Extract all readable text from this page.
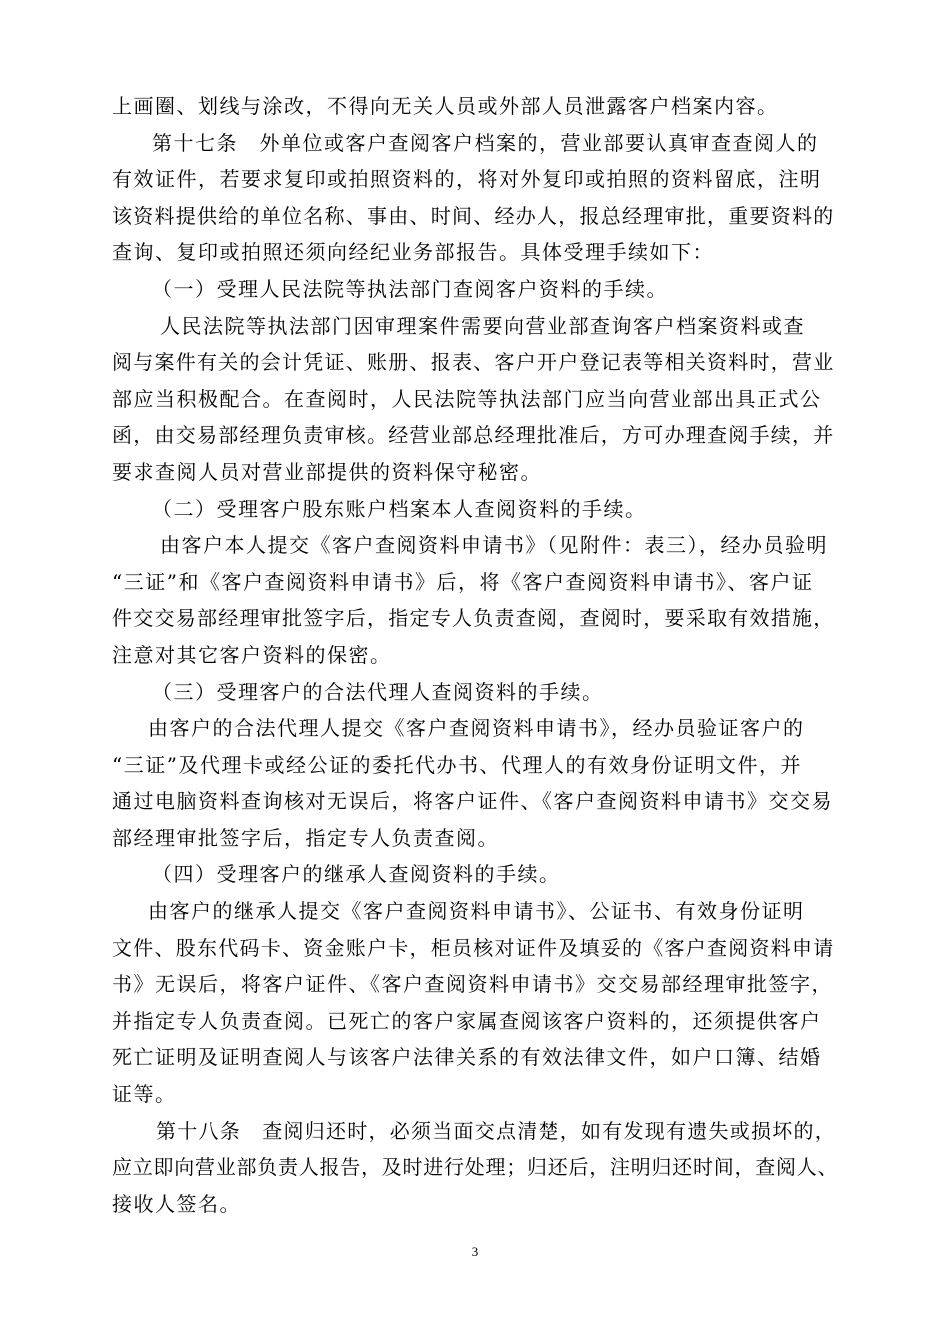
上画圈、划线与涂改，不得向无关人员或外部人员泄露客户档案内容。
第十七条　外单位或客户查阅客户档案的，营业部要认真审查查阅人的
有效证件，若要求复印或拍照资料的，将对外复印或拍照的资料留底，注明
该资料提供给的单位名称、事由、时间、经办人，报总经理审批，重要资料的
查询、复印或拍照还须向经纪业务部报告。具体受理手续如下：
（一）受理人民法院等执法部门查阅客户资料的手续。
人民法院等执法部门因审理案件需要向营业部查询客户档案资料或查
阅与案件有关的会计凭证、账册、报表、客户开户登记表等相关资料时，营业
部应当积极配合。在查阅时，人民法院等执法部门应当向营业部出具正式公
函，由交易部经理负责审核。经营业部总经理批准后，方可办理查阅手续，并
要求查阅人员对营业部提供的资料保守秘密。
（二）受理客户股东账户档案本人查阅资料的手续。
由客户本人提交《客户查阅资料申请书》（见附件：表三），经办员验明
“三证”和《客户查阅资料申请书》后，将《客户查阅资料申请书》、客户证
件交交易部经理审批签字后，指定专人负责查阅，查阅时，要采取有效措施，
注意对其它客户资料的保密。
（三）受理客户的合法代理人查阅资料的手续。
由客户的合法代理人提交《客户查阅资料申请书》，经办员验证客户的
“三证”及代理卡或经公证的委托代办书、代理人的有效身份证明文件，并
通过电脑资料查询核对无误后，将客户证件、《客户查阅资料申请书》交交易
部经理审批签字后，指定专人负责查阅。
（四）受理客户的继承人查阅资料的手续。
由客户的继承人提交《客户查阅资料申请书》、公证书、有效身份证明
文件、股东代码卡、资金账户卡，柜员核对证件及填妥的《客户查阅资料申请
书》无误后，将客户证件、《客户查阅资料申请书》交交易部经理审批签字，
并指定专人负责查阅。已死亡的客户家属查阅该客户资料的，还须提供客户
死亡证明及证明查阅人与该客户法律关系的有效法律文件，如户口簿、结婚
证等。
第十八条　查阅归还时，必须当面交点清楚，如有发现有遗失或损坏的，
应立即向营业部负责人报告，及时进行处理；归还后，注明归还时间，查阅人、
接收人签名。
3
